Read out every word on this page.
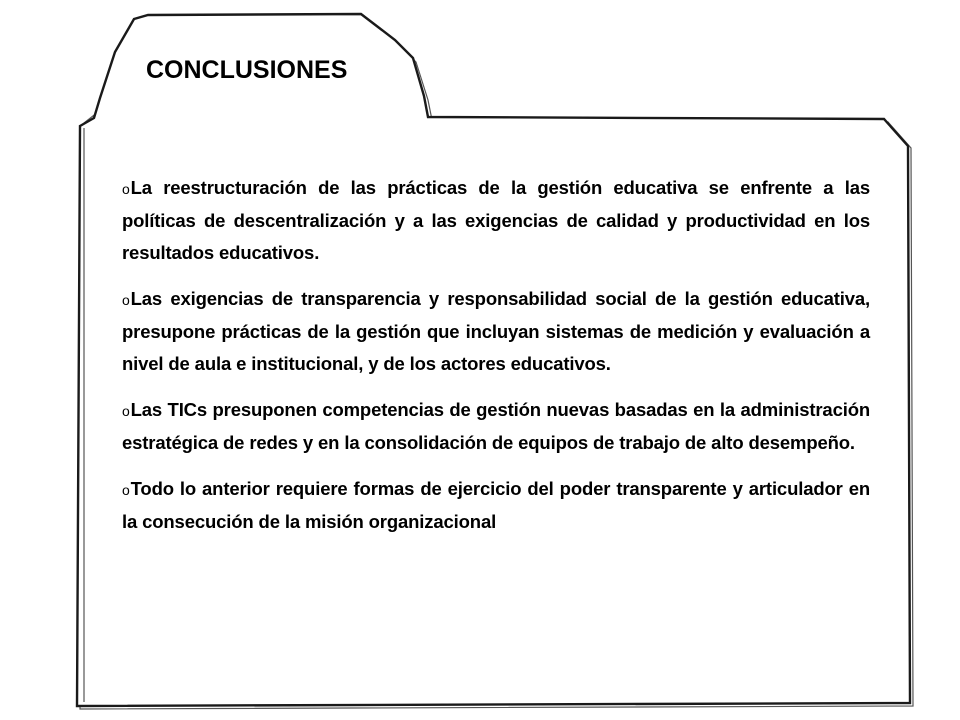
CONCLUSIONES
oLa reestructuración de las prácticas de la gestión educativa se enfrente a las políticas de descentralización y a las exigencias de calidad y productividad en los resultados educativos.
oLas exigencias de transparencia y responsabilidad social de la gestión educativa, presupone prácticas de la gestión que incluyan sistemas de medición y evaluación a nivel de aula e institucional, y de los actores educativos.
oLas TICs presuponen competencias de gestión nuevas basadas en la administración estratégica de redes y en la consolidación de equipos de trabajo de alto desempeño.
oTodo lo anterior requiere formas de ejercicio del poder transparente y articulador en la consecución de la misión organizacional
